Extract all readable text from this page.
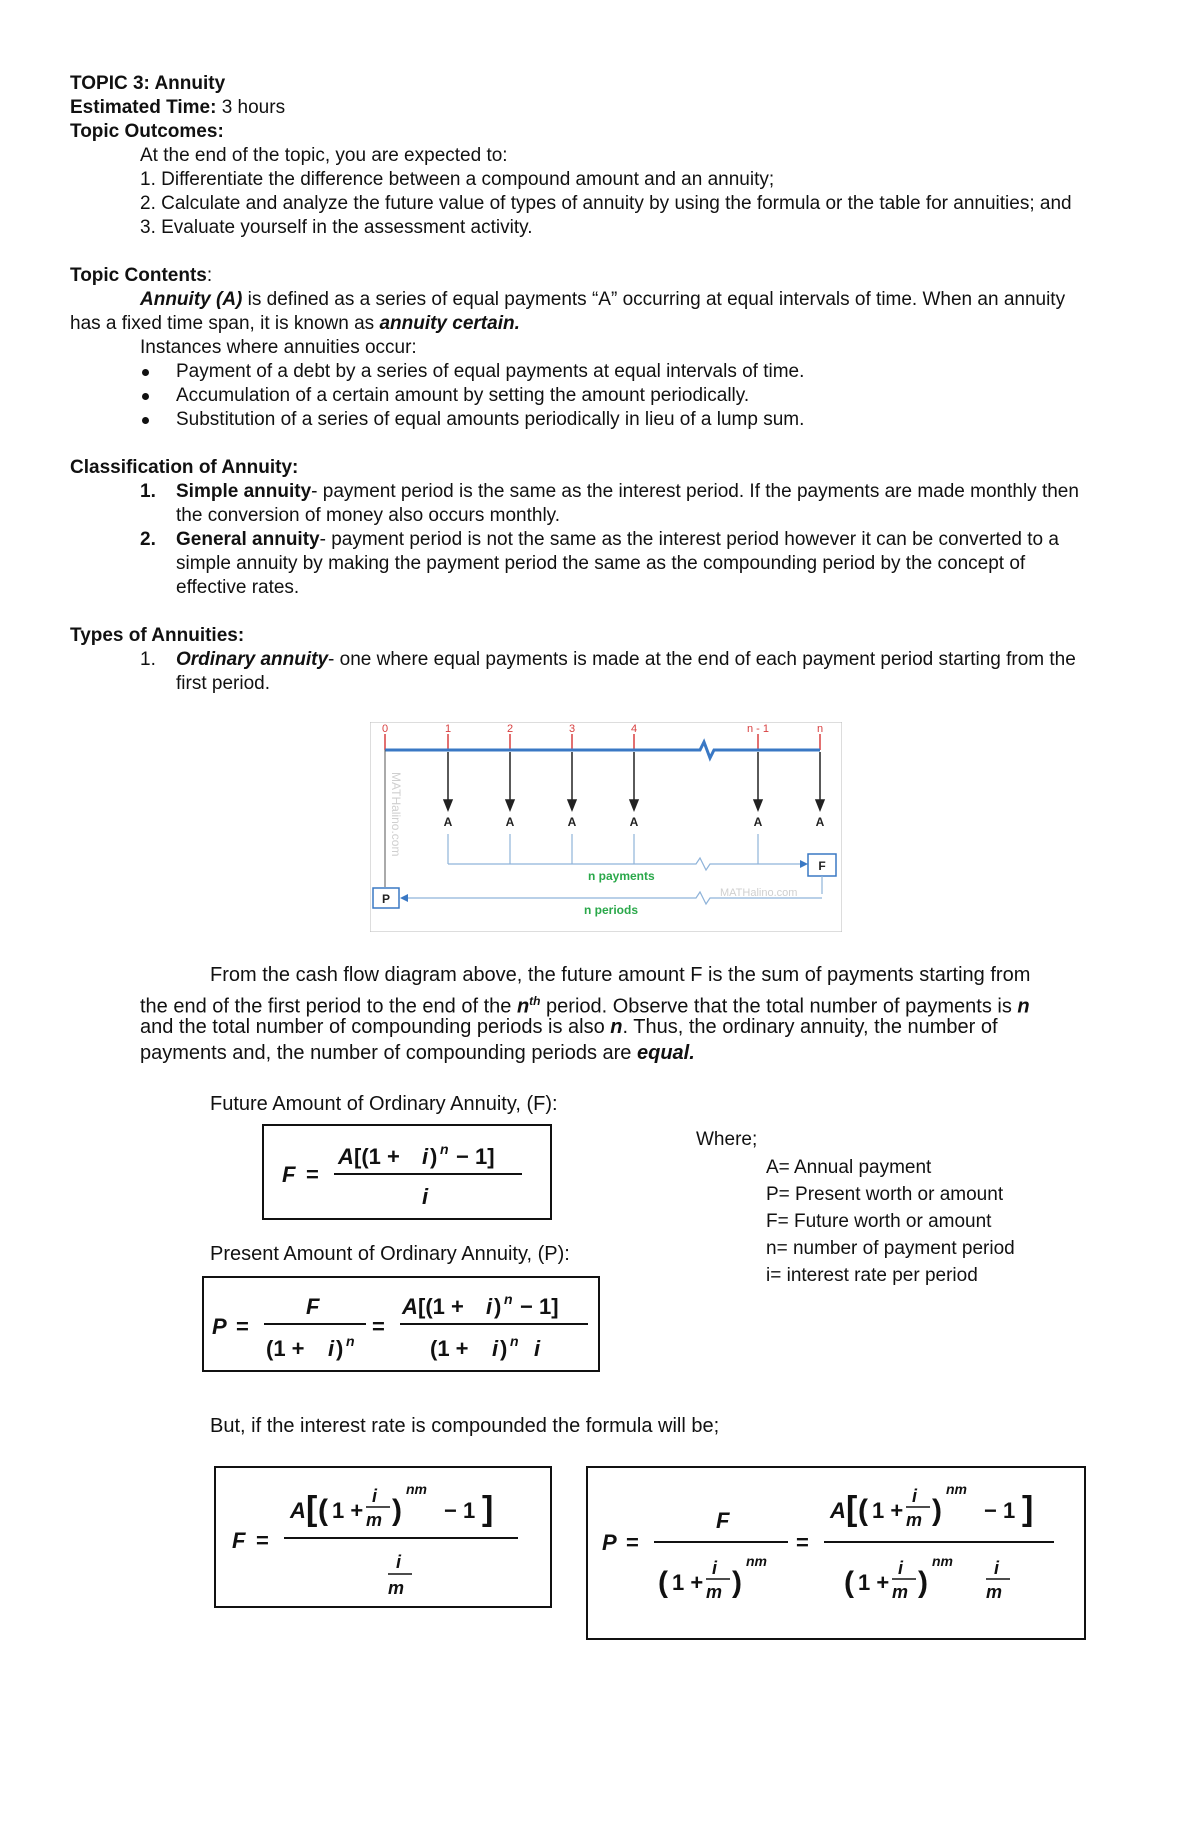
TOPIC 3: Annuity
Estimated Time: 3 hours
Topic Outcomes:
At the end of the topic, you are expected to:
1. Differentiate the difference between a compound amount and an annuity;
2. Calculate and analyze the future value of types of annuity by using the formula or the table for annuities; and
3. Evaluate yourself in the assessment activity.
Topic Contents:
Annuity (A) is defined as a series of equal payments “A” occurring at equal intervals of time. When an annuity
has a fixed time span, it is known as annuity certain.
Instances where annuities occur:
Payment of a debt by a series of equal payments at equal intervals of time.
Accumulation of a certain amount by setting the amount periodically.
Substitution of a series of equal amounts periodically in lieu of a lump sum.
Classification of Annuity:
1. Simple annuity- payment period is the same as the interest period. If the payments are made monthly then
the conversion of money also occurs monthly.
2. General annuity- payment period is not the same as the interest period however it can be converted to a
simple annuity by making the payment period the same as the compounding period by the concept of
effective rates.
Types of Annuities:
1. Ordinary annuity- one where equal payments is made at the end of each payment period starting from the
first period.
MATHalino.com
0	1	2	3	4	n - 1	n
A	A	A	A	A	A
n payments
F
P
n periods
MATHalino.com
From the cash flow diagram above, the future amount F is the sum of payments starting from
the end of the first period to the end of the $n^{th}$ period. Observe that the total number of payments is n
and the total number of compounding periods is also n. Thus, the ordinary annuity, the number of
payments and, the number of compounding periods are equal.
Future Amount of Ordinary Annuity, (F):
F =
A [(1 + i ) n − 1]
i
Where;
A= Annual payment
P= Present worth or amount
F= Future worth or amount
n= number of payment period
i= interest rate per period
Present Amount of Ordinary Annuity, (P):
P =
F
(1 + i ) n
=
A [(1 + i ) n − 1]
(1 + i ) n i
But, if the interest rate is compounded the formula will be;
F =
A [ ( 1 +
i
m )
nm
− 1 ]
i
m
P =
F
( 1 +
i
m )
nm
=
A [ ( 1 +
i
m )
nm
− 1 ]
( 1 +
i
m )
nm i
m
